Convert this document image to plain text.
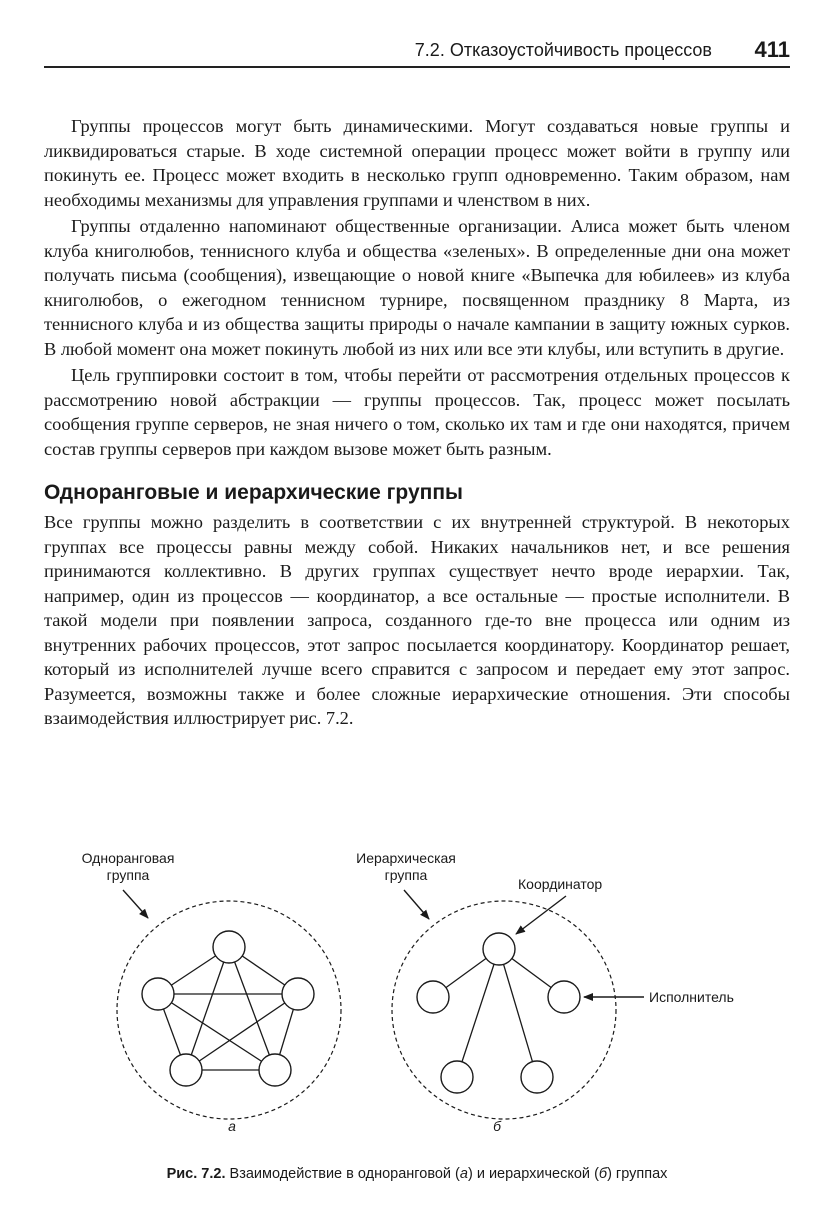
7.2. Отказоустойчивость процессов 411

Группы процессов могут быть динамическими. Могут создаваться новые группы и ликвидироваться старые. В ходе системной операции процесс может войти в группу или покинуть ее. Процесс может входить в несколько групп одновременно. Таким образом, нам необходимы механизмы для управления группами и членством в них.

Группы отдаленно напоминают общественные организации. Алиса может быть членом клуба книголюбов, теннисного клуба и общества «зеленых». В определенные дни она может получать письма (сообщения), извещающие о новой книге «Выпечка для юбилеев» из клуба книголюбов, о ежегодном теннисном турнире, посвященном празднику 8 Марта, из теннисного клуба и из общества защиты природы о начале кампании в защиту южных сурков. В любой момент она может покинуть любой из них или все эти клубы, или вступить в другие.

Цель группировки состоит в том, чтобы перейти от рассмотрения отдельных процессов к рассмотрению новой абстракции — группы процессов. Так, процесс может посылать сообщения группе серверов, не зная ничего о том, сколько их там и где они находятся, причем состав группы серверов при каждом вызове может быть разным.

Одноранговые и иерархические группы

Все группы можно разделить в соответствии с их внутренней структурой. В некоторых группах все процессы равны между собой. Никаких начальников нет, и все решения принимаются коллективно. В других группах существует нечто вроде иерархии. Так, например, один из процессов — координатор, а все остальные — простые исполнители. В такой модели при появлении запроса, созданного где-то вне процесса или одним из внутренних рабочих процессов, этот запрос посылается координатору. Координатор решает, который из исполнителей лучше всего справится с запросом и передает ему этот запрос. Разумеется, возможны также и более сложные иерархические отношения. Эти способы взаимодействия иллюстрирует рис. 7.2.

Одноранговая
группа
а
Иерархическая
группа
Координатор
Исполнитель
б
Рис. 7.2. Взаимодействие в одноранговой (а) и иерархической (б) группах
